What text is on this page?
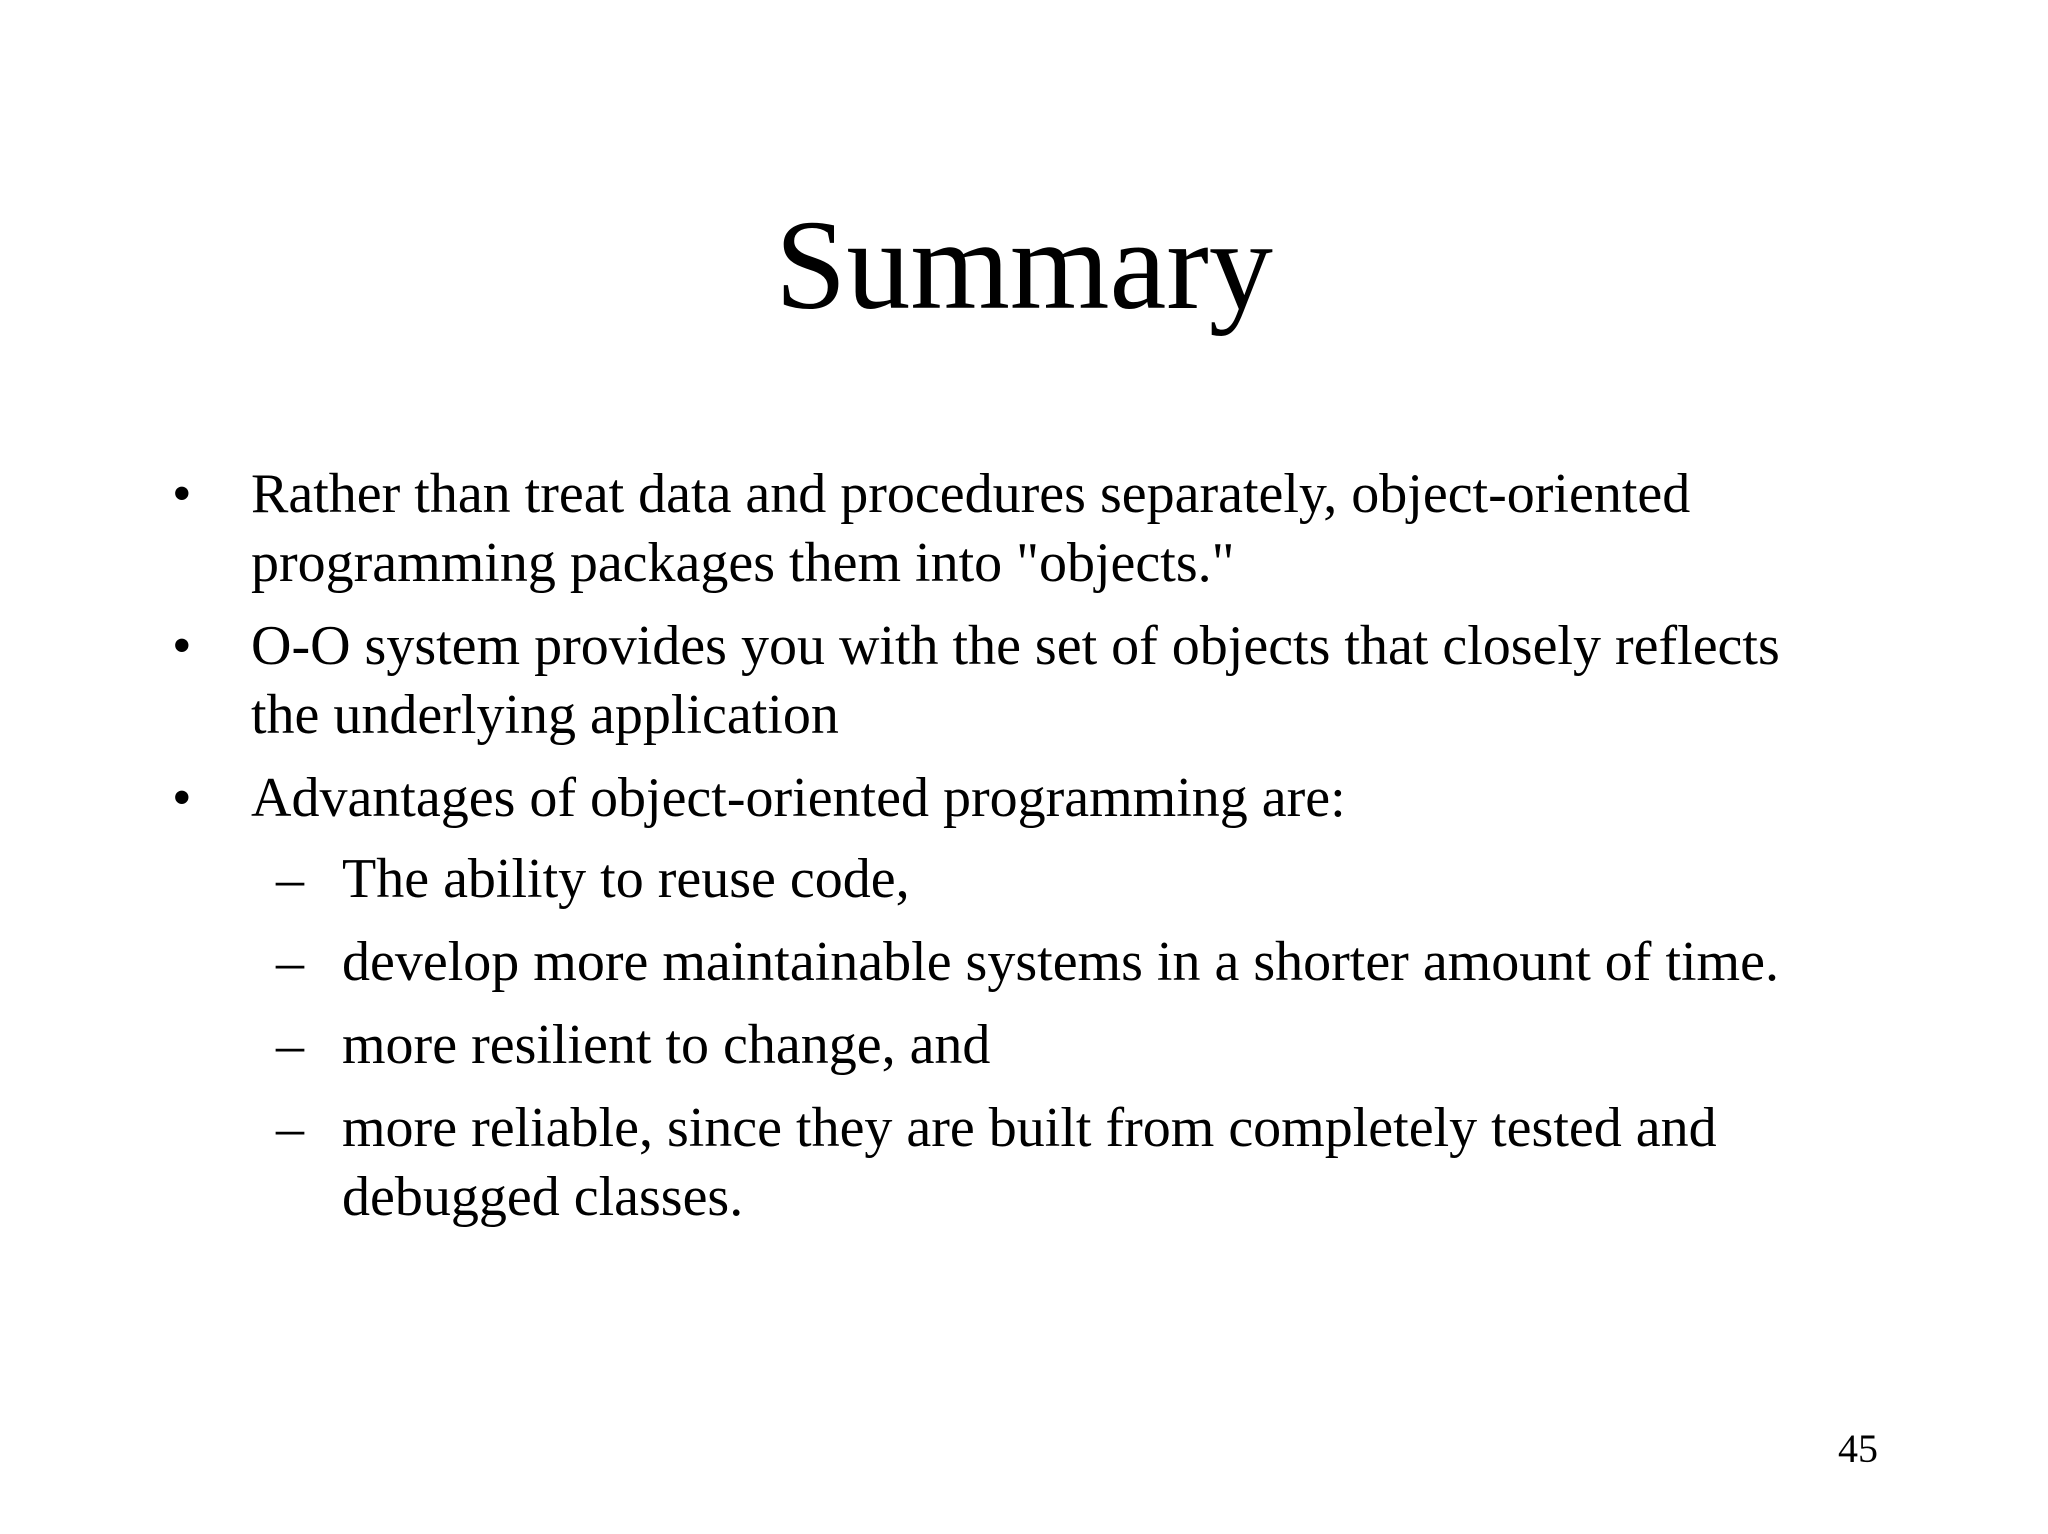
Summary
• Rather than treat data and procedures separately, object-oriented
programming packages them into "objects."
• O-O system provides you with the set of objects that closely reflects
the underlying application
• Advantages of object-oriented programming are:
– The ability to reuse code,
– develop more maintainable systems in a shorter amount of time.
– more resilient to change, and
– more reliable, since they are built from completely tested and
debugged classes.
45
